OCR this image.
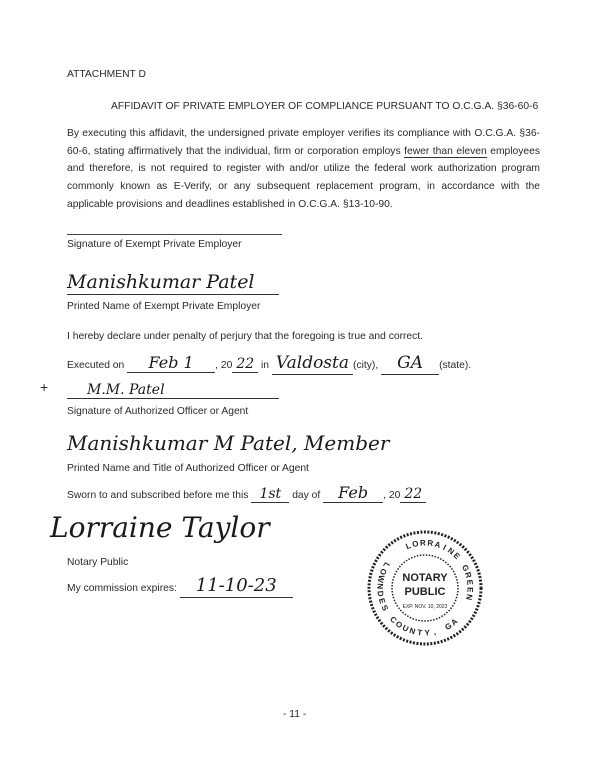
ATTACHMENT D
AFFIDAVIT OF PRIVATE EMPLOYER OF COMPLIANCE PURSUANT TO O.C.G.A. §36-60-6
By executing this affidavit, the undersigned private employer verifies its compliance with O.C.G.A. §36-60-6, stating affirmatively that the individual, firm or corporation employs fewer than eleven employees and therefore, is not required to register with and/or utilize the federal work authorization program commonly known as E-Verify, or any subsequent replacement program, in accordance with the applicable provisions and deadlines established in O.C.G.A. §13-10-90.
Signature of Exempt Private Employer
Manishkumar Patel
Printed Name of Exempt Private Employer
I hereby declare under penalty of perjury that the foregoing is true and correct.
Executed on Feb 1 , 20 22 in Valdosta (city), GA (state).
+	M.M. Patel
Signature of Authorized Officer or Agent
Manishkumar M Patel, Member
Printed Name and Title of Authorized Officer or Agent
Sworn to and subscribed before me this 1st day of Feb , 20 22
Lorraine Taylor
Notary Public
My commission expires: 11-10-23
L O R R A I
N
E
G
R
E
E
N
L
O
W
N
D
E
S
C
O
U
N T Y ,
G
A
NOTARY
PUBLIC
EXP. NOV. 10, 2023
- 11 -
